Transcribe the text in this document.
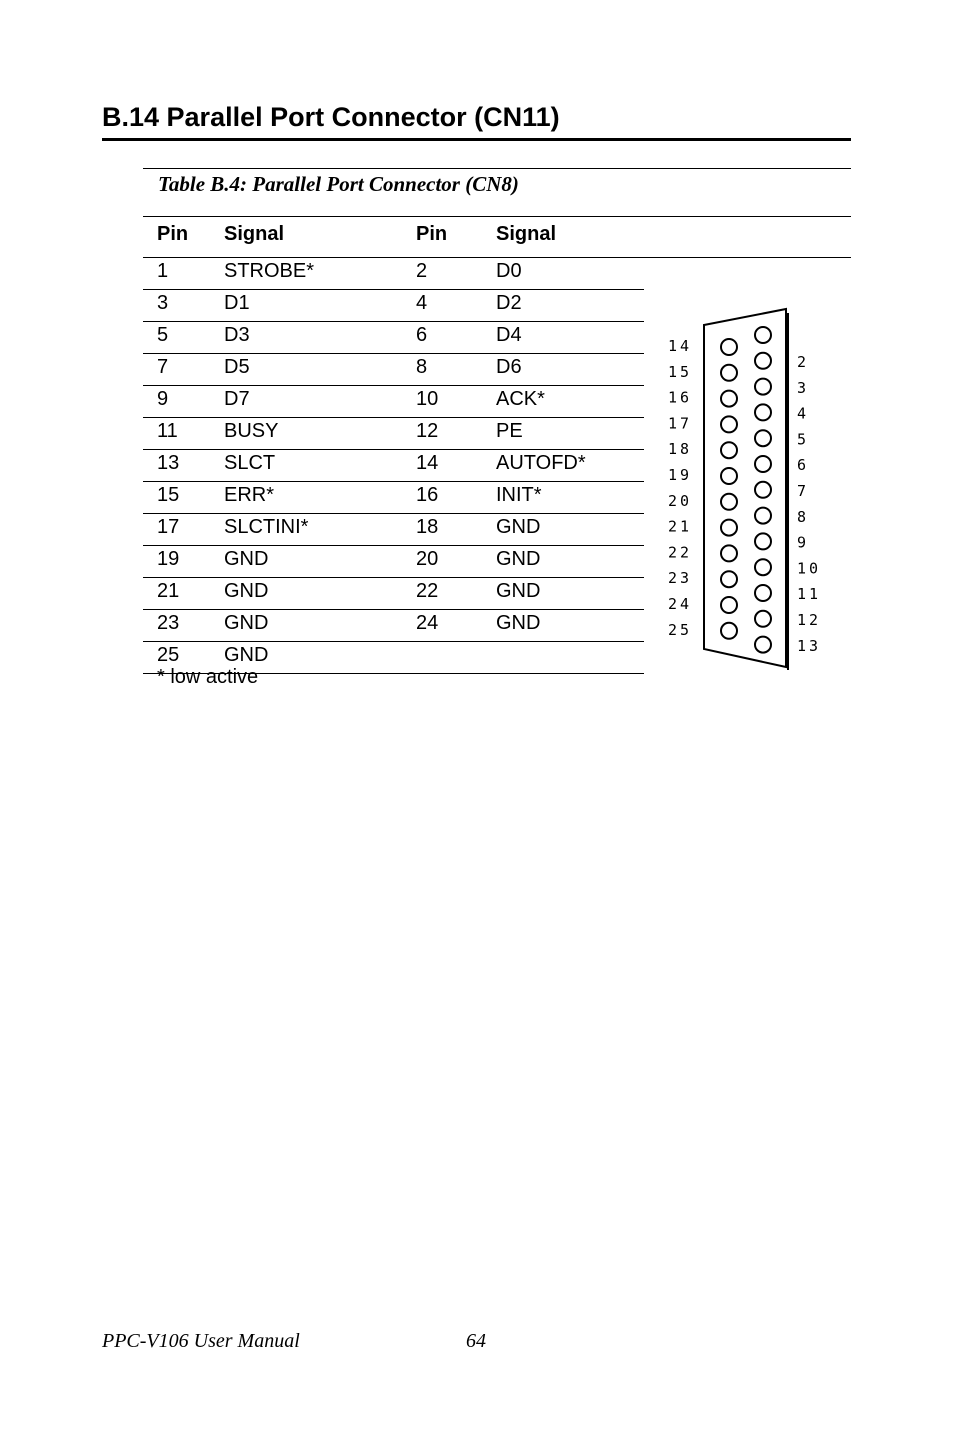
B.14 Parallel Port Connector (CN11)
Table B.4: Parallel Port Connector (CN8)
Pin Signal	Pin Signal
1	STROBE*	2	D0
3	D1	4	D2
5	D3	6	D4
7	D5	8	D6
9	D7	10	ACK*
11 BUSY	12	PE
13 SLCT	14	AUTOFD*
15 ERR*	16	INIT*
17 SLCTINI*	18	GND
19 GND	20	GND
21 GND	22	GND
23 GND	24	GND
25 GND
* low active
14
15
16
17
18
19
20
21
22
23
24
25
2
3
4
5
6
7
8
9
10
11
12
13
PPC-V106 User Manual	64
